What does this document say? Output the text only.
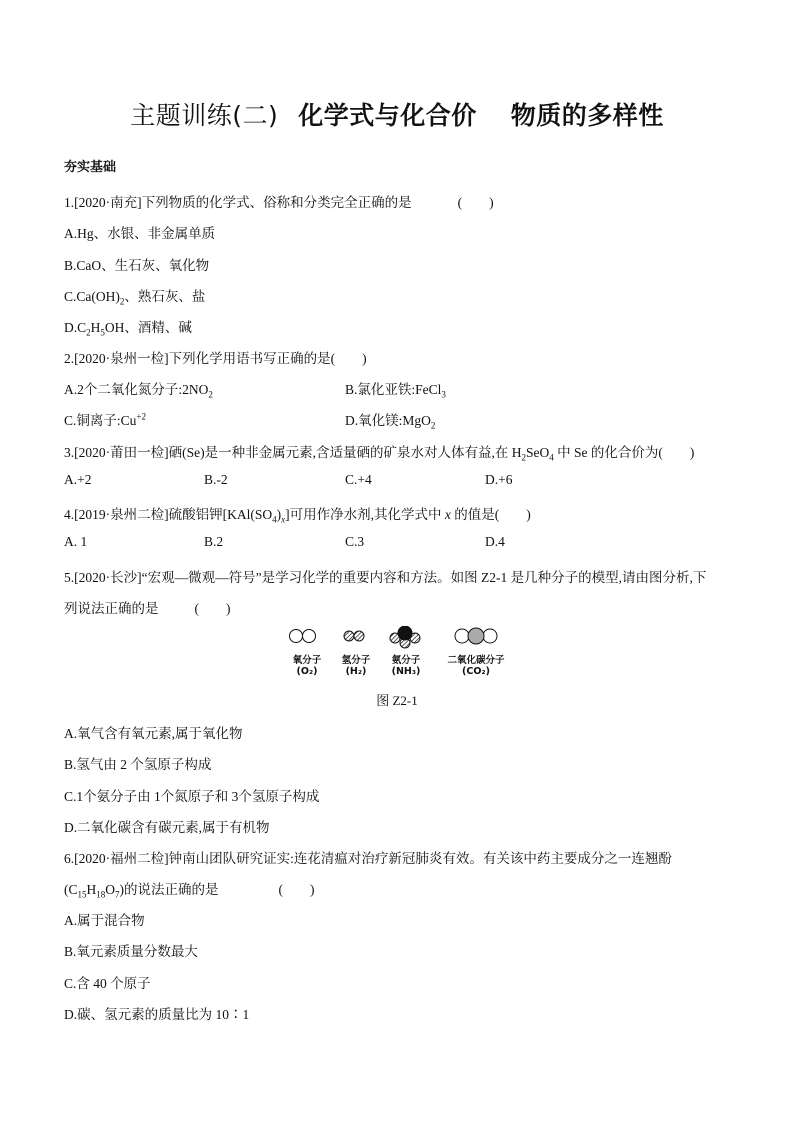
主题训练(二) 化学式与化合价 物质的多样性
夯实基础
1.[2020·南充]下列物质的化学式、俗称和分类完全正确的是	(　　)
A.Hg、水银、非金属单质
B.CaO、生石灰、氧化物
$C.Ca(OH)_2$、熟石灰、盐
$D.C_2H_5OH$、酒精、碱
2.[2020·泉州一检]下列化学用语书写正确的是(　　)
A.2个二氧化氮分子$:2NO_2$	B.氯化亚铁:FeCl$_3$
C.铜离子$:Cu^{+2}$	D.氧化镁:MgO$_2$
3.[2020·莆田一检]硒(Se)是一种非金属元素,含适量硒的矿泉水对人体有益,在 $H_2SeO_4$ 中 Se 的化合价为(　　)
A.+2	B.-2	C.+4	D.+6
4.[2019·泉州二检]硫酸铝钾$[KAl(SO_4)_x]$可用作净水剂,其化学式中 x 的值是(　　)
A. 1	B.2	C.3	D.4
5.[2020·长沙]“宏观—微观—符号”是学习化学的重要内容和方法。如图 Z2-1 是几种分子的模型,请由图分析,下
列说法正确的是	(　　)
氧分子
(O₂)
氢分子
(H₂)
氨分子
(NH₃)
二氧化碳分子
(CO₂)
图 Z2-1
A.氧气含有氧元素,属于氧化物
B.氢气由 2 个氢原子构成
C.1个氨分子由 1个氮原子和 3个氢原子构成
D.二氧化碳含有碳元素,属于有机物
6.[2020·福州二检]钟南山团队研究证实:连花清瘟对治疗新冠肺炎有效。有关该中药主要成分之一连翘酚
$(C_{15}H_{18}O_7)$的说法正确的是	(　　)
A.属于混合物
B.氧元素质量分数最大
C.含 40 个原子
D.碳、氢元素的质量比为 10∶1
